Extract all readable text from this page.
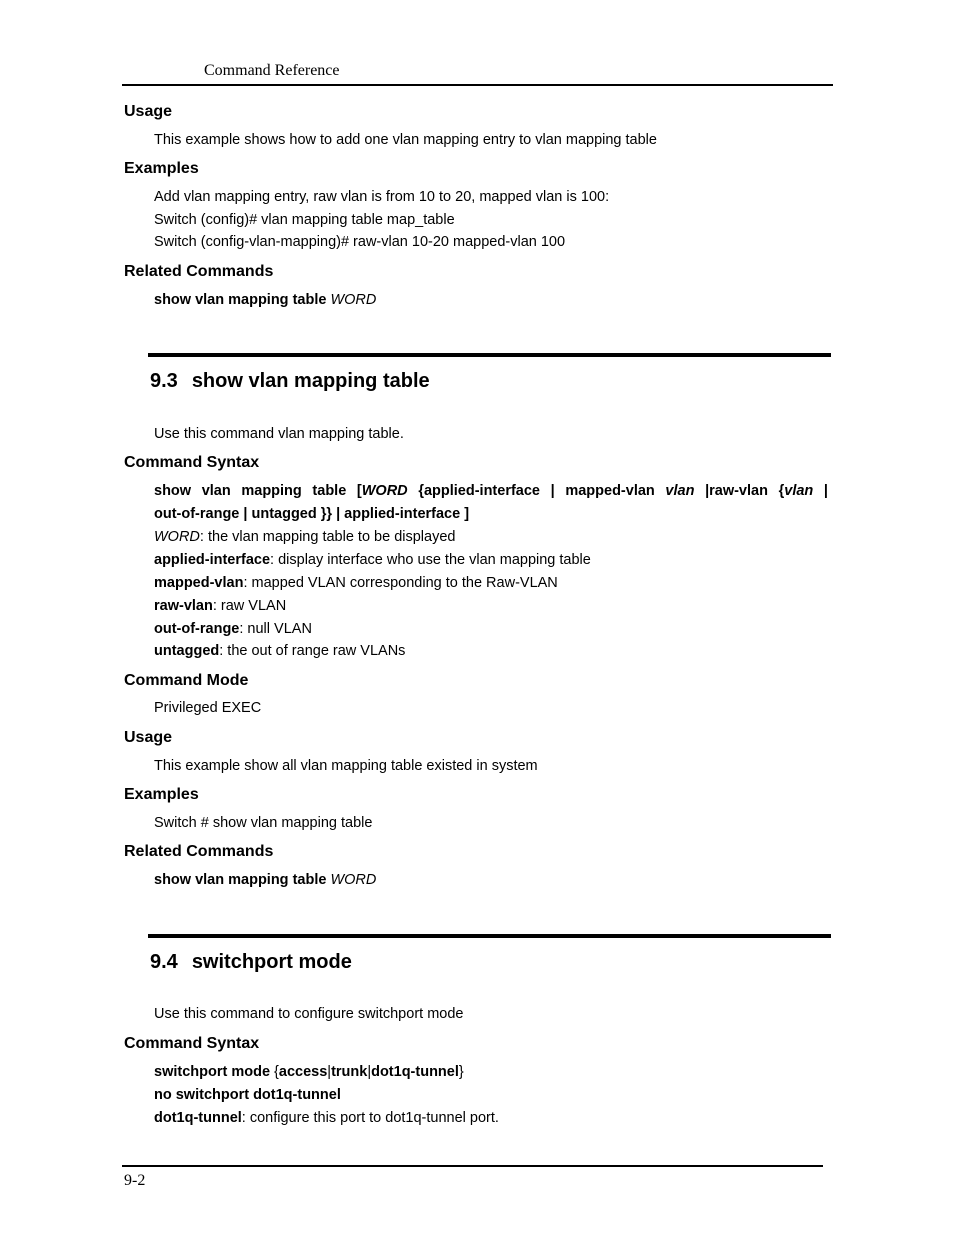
Command Reference
Usage
This example shows how to add one vlan mapping entry to vlan mapping table
Examples
Add vlan mapping entry, raw vlan is from 10 to 20, mapped vlan is 100:
Switch (config)# vlan mapping table map_table
Switch (config-vlan-mapping)# raw-vlan 10-20 mapped-vlan 100
Related Commands
show vlan mapping table WORD
9.3 show vlan mapping table
Use this command vlan mapping table.
Command Syntax
show vlan mapping table [WORD {applied-interface | mapped-vlan vlan |raw-vlan {vlan |
out-of-range | untagged }} | applied-interface ]
WORD: the vlan mapping table to be displayed
applied-interface: display interface who use the vlan mapping table
mapped-vlan: mapped VLAN corresponding to the Raw-VLAN
raw-vlan: raw VLAN
out-of-range: null VLAN
untagged: the out of range raw VLANs
Command Mode
Privileged EXEC
Usage
This example show all vlan mapping table existed in system
Examples
Switch # show vlan mapping table
Related Commands
show vlan mapping table WORD
9.4 switchport mode
Use this command to configure switchport mode
Command Syntax
switchport mode {access|trunk|dot1q-tunnel}
no switchport dot1q-tunnel
dot1q-tunnel: configure this port to dot1q-tunnel port.
9-2
